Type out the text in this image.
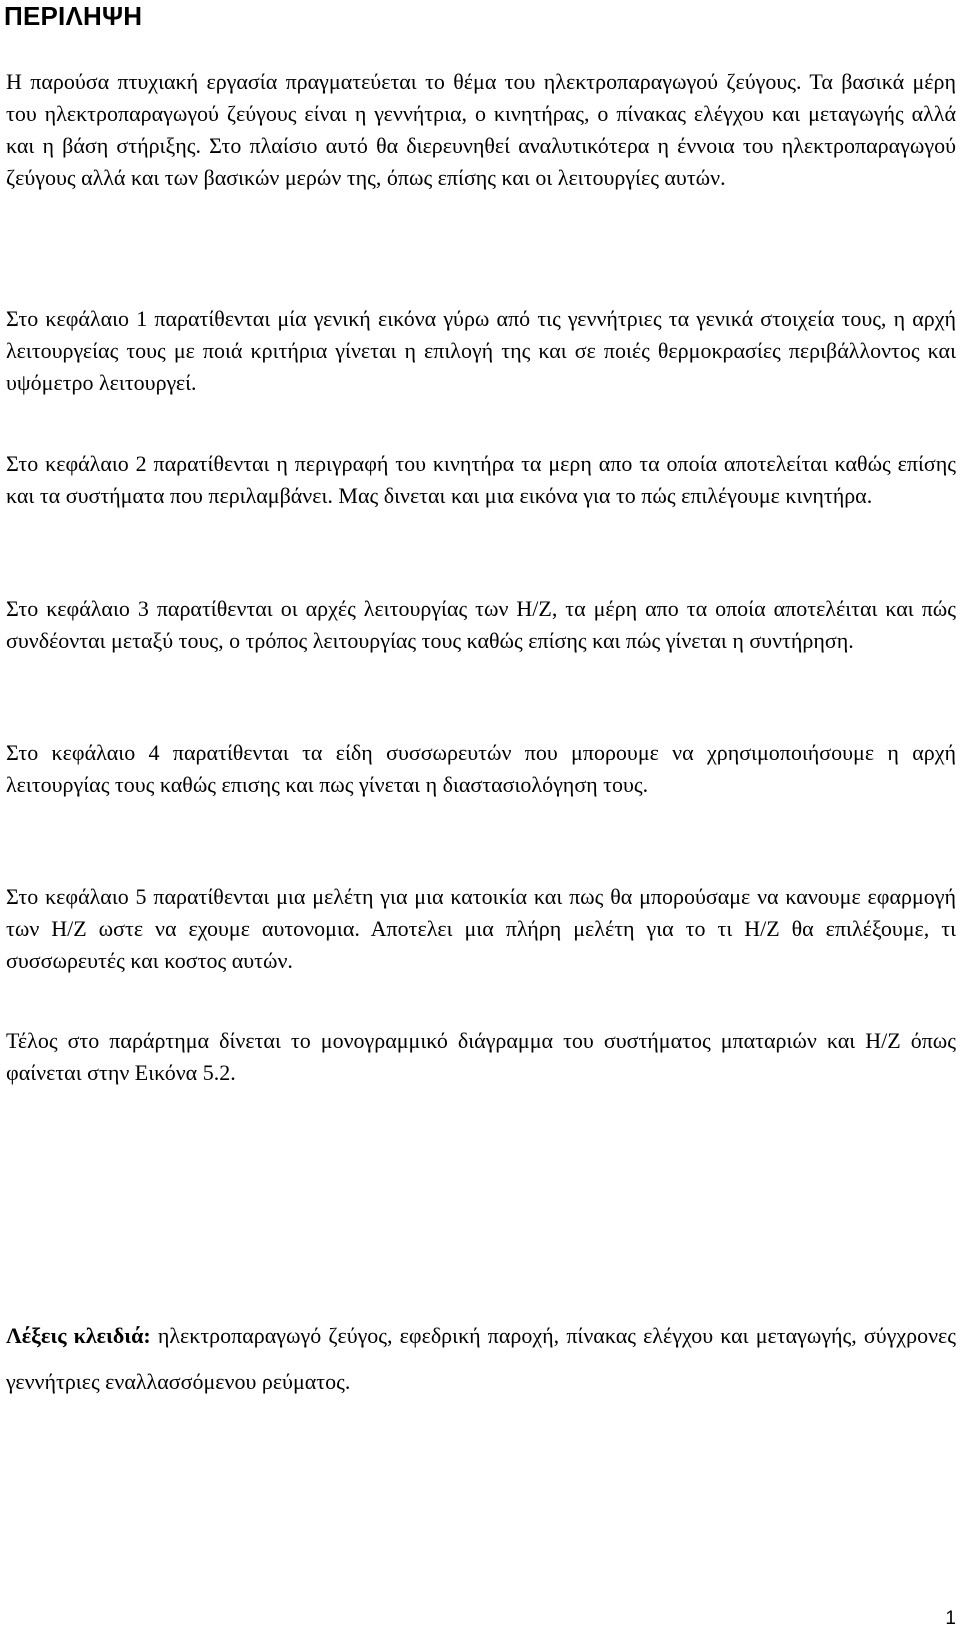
ΠΕΡΙΛΗΨΗ

Η παρούσα πτυχιακή εργασία πραγματεύεται το θέμα του ηλεκτροπαραγωγού ζεύγους. Τα βασικά μέρη του ηλεκτροπαραγωγού ζεύγους είναι η γεννήτρια, ο κινητήρας, ο πίνακας ελέγχου και μεταγωγής αλλά και η βάση στήριξης. Στο πλαίσιο αυτό θα διερευνηθεί αναλυτικότερα η έννοια του ηλεκτροπαραγωγού ζεύγους αλλά και των βασικών μερών της, όπως επίσης και οι λειτουργίες αυτών.

Στο κεφάλαιο 1 παρατίθενται μία γενική εικόνα γύρω από τις γεννήτριες τα γενικά στοιχεία τους, η αρχή λειτουργείας τους με ποιά κριτήρια γίνεται η επιλογή της και σε ποιές θερμοκρασίες περιβάλλοντος και υψόμετρο λειτουργεί.

Στο κεφάλαιο 2 παρατίθενται η περιγραφή του κινητήρα τα μερη απο τα οποία αποτελείται καθώς επίσης και τα συστήματα που περιλαμβάνει. Μας δινεται και μια εικόνα για το πώς επιλέγουμε κινητήρα.

Στο κεφάλαιο 3 παρατίθενται οι αρχές λειτουργίας των Η/Ζ, τα μέρη απο τα οποία αποτελέιται και πώς συνδέονται μεταξύ τους, ο τρόπος λειτουργίας τους καθώς επίσης και πώς γίνεται η συντήρηση.

Στο κεφάλαιο 4 παρατίθενται τα είδη συσσωρευτών που μπορουμε να χρησιμοποιήσουμε η αρχή λειτουργίας τους καθώς επισης και πως γίνεται η διαστασιολόγηση τους.

Στο κεφάλαιο 5 παρατίθενται μια μελέτη για μια κατοικία και πως θα μπορούσαμε να κανουμε εφαρμογή των Η/Ζ ωστε να εχουμε αυτονομια. Αποτελει μια πλήρη μελέτη για το τι Η/Ζ θα επιλέξουμε, τι συσσωρευτές και κοστος αυτών.

Τέλος στο παράρτημα δίνεται το μονογραμμικό διάγραμμα του συστήματος μπαταριών και Η/Ζ όπως φαίνεται στην Εικόνα 5.2.

Λέξεις κλειδιά: ηλεκτροπαραγωγό ζεύγος, εφεδρική παροχή, πίνακας ελέγχου και μεταγωγής, σύγχρονες γεννήτριες εναλλασσόμενου ρεύματος.

1
